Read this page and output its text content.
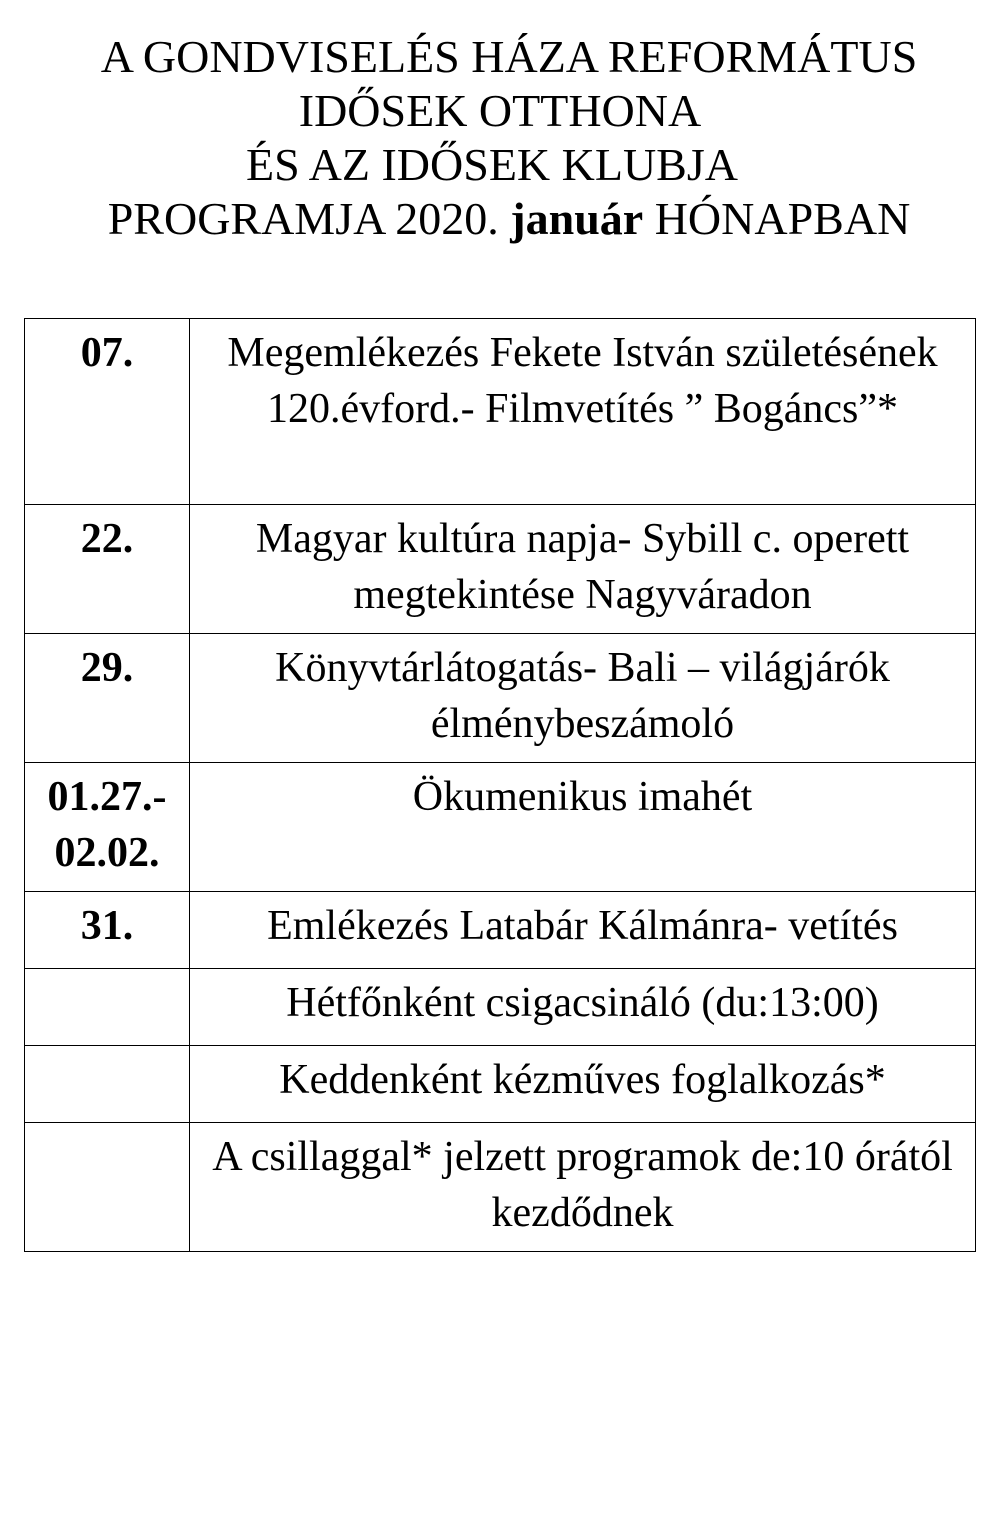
A GONDVISELÉS HÁZA REFORMÁTUS
IDŐSEK OTTHONA
ÉS AZ IDŐSEK KLUBJA
PROGRAMJA 2020. január HÓNAPBAN
07.	Megemlékezés Fekete István születésének 120.évford.- Filmvetítés ” Bogáncs”*
22.	Magyar kultúra napja- Sybill c. operett megtekintése Nagyváradon
29.	Könyvtárlátogatás- Bali – világjárók élménybeszámoló
01.27.- 02.02.	Ökumenikus imahét
31.	Emlékezés Latabár Kálmánra- vetítés
	Hétfőnként csigacsináló (du:13:00)
	Keddenként kézműves foglalkozás*
	A csillaggal* jelzett programok de:10 órától kezdődnek
